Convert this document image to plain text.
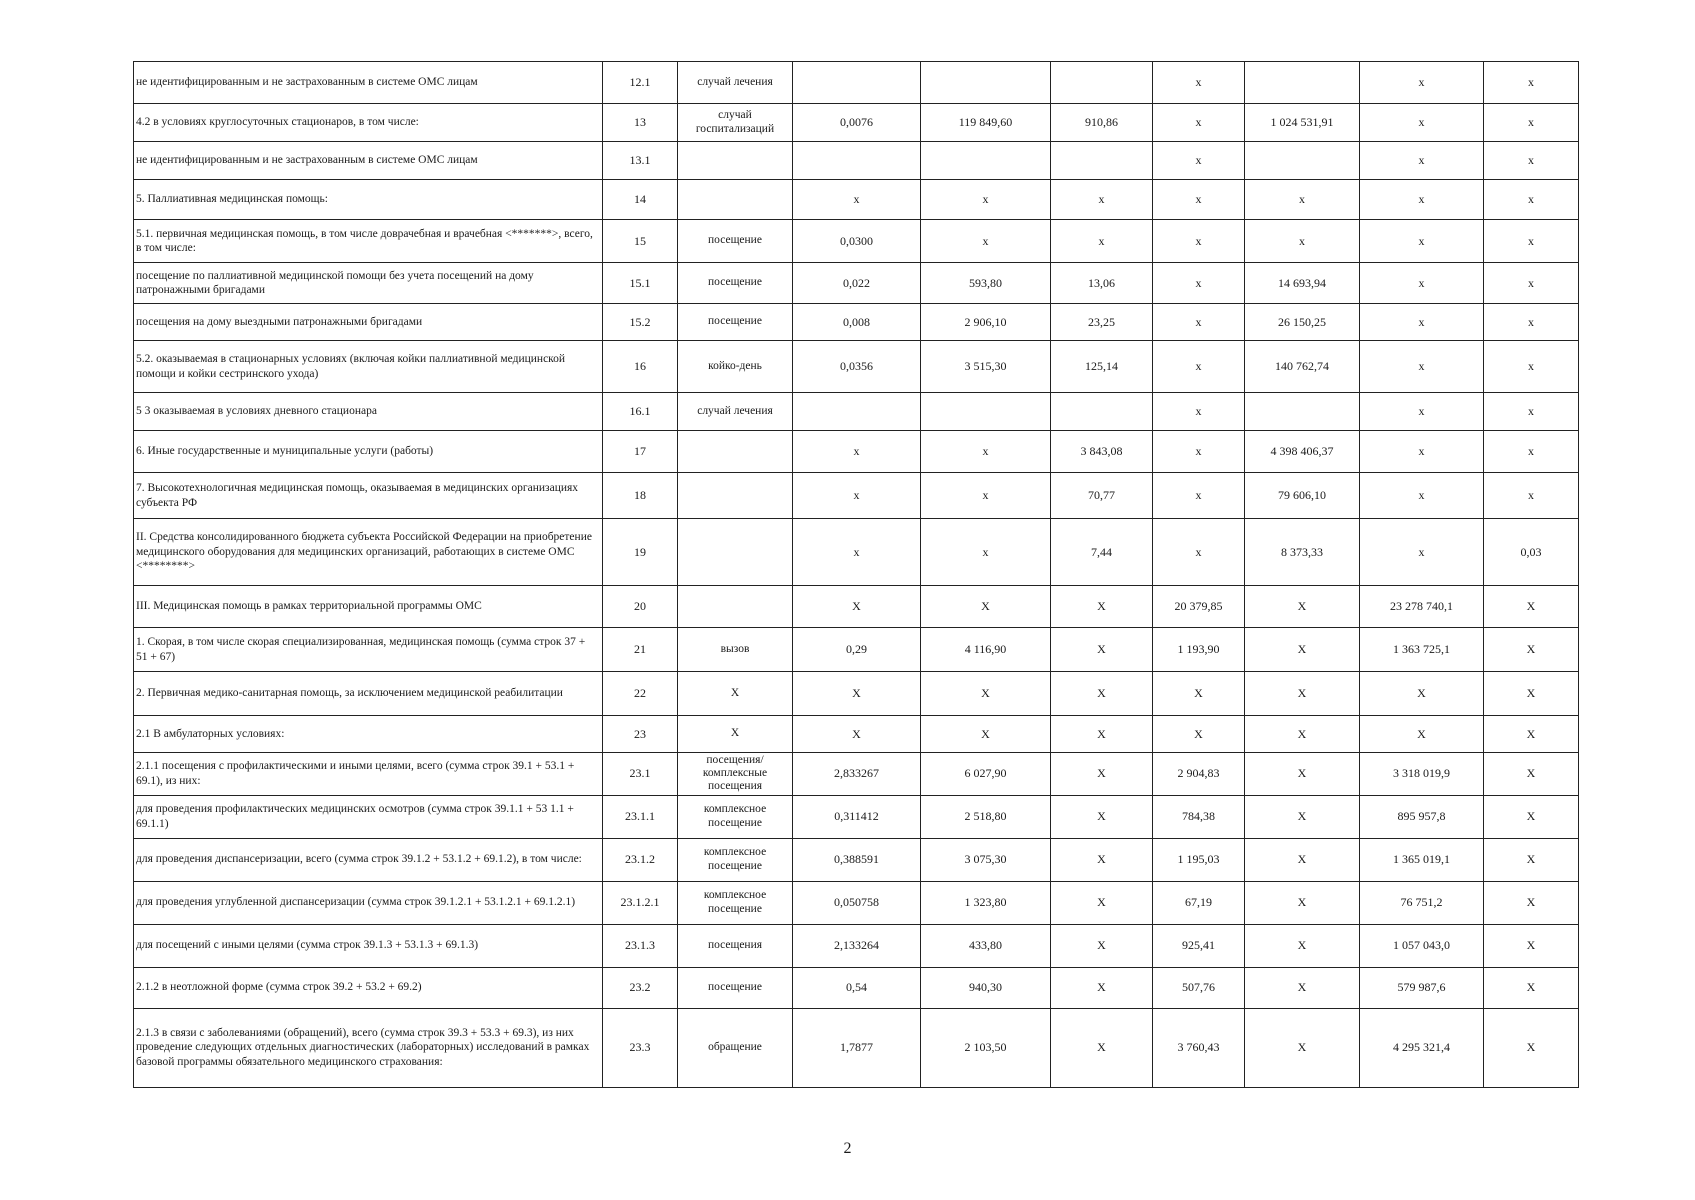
не идентифицированным и не застрахованным в системе ОМС лицам	12.1	случай лечения				х		х	х
4.2 в условиях круглосуточных стационаров, в том числе:	13	случай госпитализаций	0,0076	119 849,60	910,86	х	1 024 531,91	х	х
не идентифицированным и не застрахованным в системе ОМС лицам	13.1					х		х	х
5. Паллиативная медицинская помощь:	14		х	х	х	х	х	х	х
5.1. первичная медицинская помощь, в том числе доврачебная и врачебная <*******>, всего, в том числе:	15	посещение	0,0300	х	х	х	х	х	х
посещение по паллиативной медицинской помощи без учета посещений на дому патронажными бригадами	15.1	посещение	0,022	593,80	13,06	х	14 693,94	х	х
посещения на дому выездными патронажными бригадами	15.2	посещение	0,008	2 906,10	23,25	х	26 150,25	х	х
5.2. оказываемая в стационарных условиях (включая койки паллиативной медицинской помощи и койки сестринского ухода)	16	койко-день	0,0356	3 515,30	125,14	х	140 762,74	х	х
5 3 оказываемая в условиях дневного стационара	16.1	случай лечения				х		х	х
6. Иные государственные и муниципальные услуги (работы)	17		х	х	3 843,08	х	4 398 406,37	х	х
7. Высокотехнологичная медицинская помощь, оказываемая в медицинских организациях субъекта РФ	18		х	х	70,77	х	79 606,10	х	х
II. Средства консолидированного бюджета субъекта Российской Федерации на приобретение медицинского оборудования для медицинских организаций, работающих в системе ОМС <********>	19		х	х	7,44	х	8 373,33	х	0,03
III. Медицинская помощь в рамках территориальной программы ОМС	20		X	X	X	20 379,85	X	23 278 740,1	X
1. Скорая, в том числе скорая специализированная, медицинская помощь (сумма строк 37 + 51 + 67)	21	вызов	0,29	4 116,90	X	1 193,90	X	1 363 725,1	X
2. Первичная медико-санитарная помощь, за исключением медицинской реабилитации	22	X	X	X	X	X	X	X	X
2.1 В амбулаторных условиях:	23	X	X	X	X	X	X	X	X
2.1.1 посещения с профилактическими и иными целями, всего (сумма строк 39.1 + 53.1 + 69.1), из них:	23.1	посещения/ комплексные посещения	2,833267	6 027,90	X	2 904,83	X	3 318 019,9	X
для проведения профилактических медицинских осмотров (сумма строк 39.1.1 + 53 1.1 + 69.1.1)	23.1.1	комплексное посещение	0,311412	2 518,80	X	784,38	X	895 957,8	X
для проведения диспансеризации, всего (сумма строк 39.1.2 + 53.1.2 + 69.1.2), в том числе:	23.1.2	комплексное посещение	0,388591	3 075,30	X	1 195,03	X	1 365 019,1	X
для проведения углубленной диспансеризации (сумма строк 39.1.2.1 + 53.1.2.1 + 69.1.2.1)	23.1.2.1	комплексное посещение	0,050758	1 323,80	X	67,19	X	76 751,2	X
для посещений с иными целями (сумма строк 39.1.3 + 53.1.3 + 69.1.3)	23.1.3	посещения	2,133264	433,80	X	925,41	X	1 057 043,0	X
2.1.2 в неотложной форме (сумма строк 39.2 + 53.2 + 69.2)	23.2	посещение	0,54	940,30	X	507,76	X	579 987,6	X
2.1.3 в связи с заболеваниями (обращений), всего (сумма строк 39.3 + 53.3 + 69.3), из них проведение следующих отдельных диагностических (лабораторных) исследований в рамках базовой программы обязательного медицинского страхования:	23.3	обращение	1,7877	2 103,50	X	3 760,43	X	4 295 321,4	X
2
